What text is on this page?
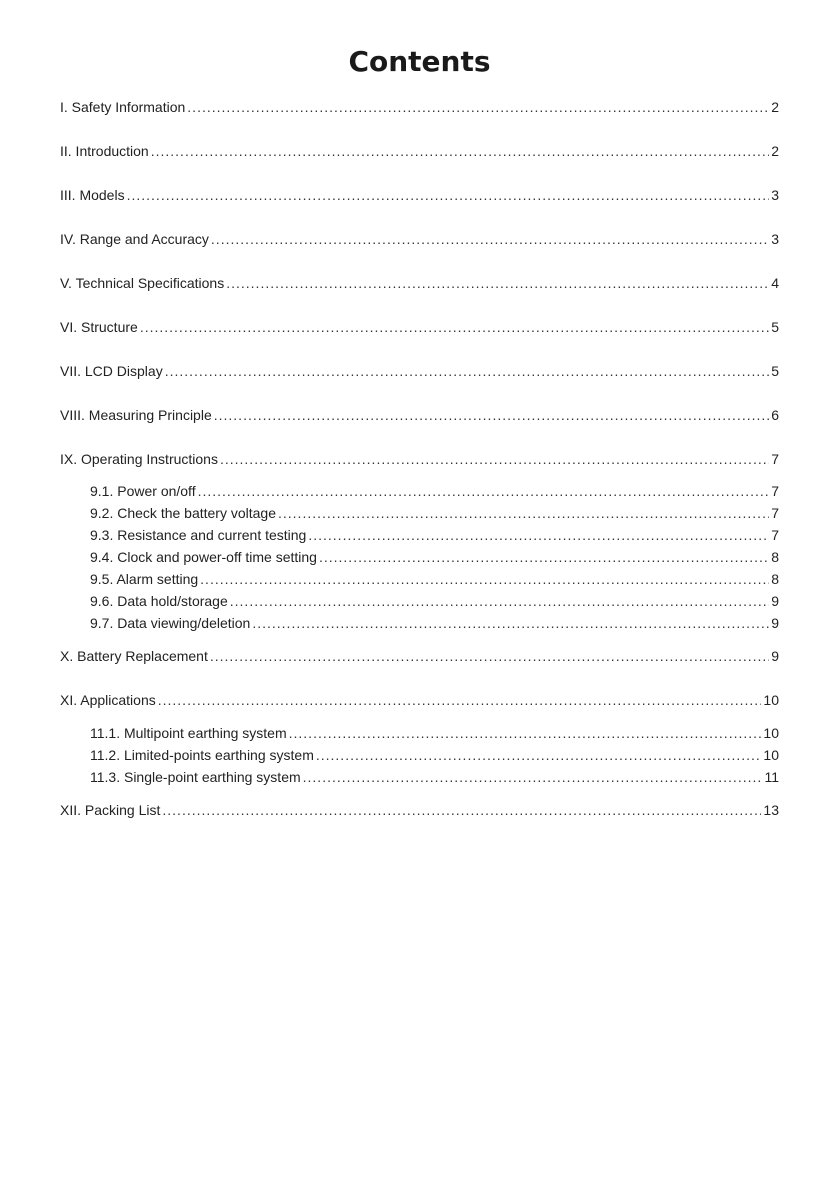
Contents
I. Safety Information .....	2
II. Introduction .....	2
III. Models .....	3
IV. Range and Accuracy .....	3
V. Technical Specifications .....	4
VI. Structure .....	5
VII. LCD Display .....	5
VIII. Measuring Principle .....	6
IX. Operating Instructions .....	7
9.1. Power on/off .....	7
9.2. Check the battery voltage .....	7
9.3. Resistance and current testing .....	7
9.4. Clock and power-off time setting .....	8
9.5. Alarm setting .....	8
9.6. Data hold/storage .....	9
9.7. Data viewing/deletion .....	9
X. Battery Replacement .....	9
XI. Applications .....	10
11.1. Multipoint earthing system .....	10
11.2. Limited-points earthing system .....	10
11.3. Single-point earthing system .....	11
XII. Packing List .....	13
